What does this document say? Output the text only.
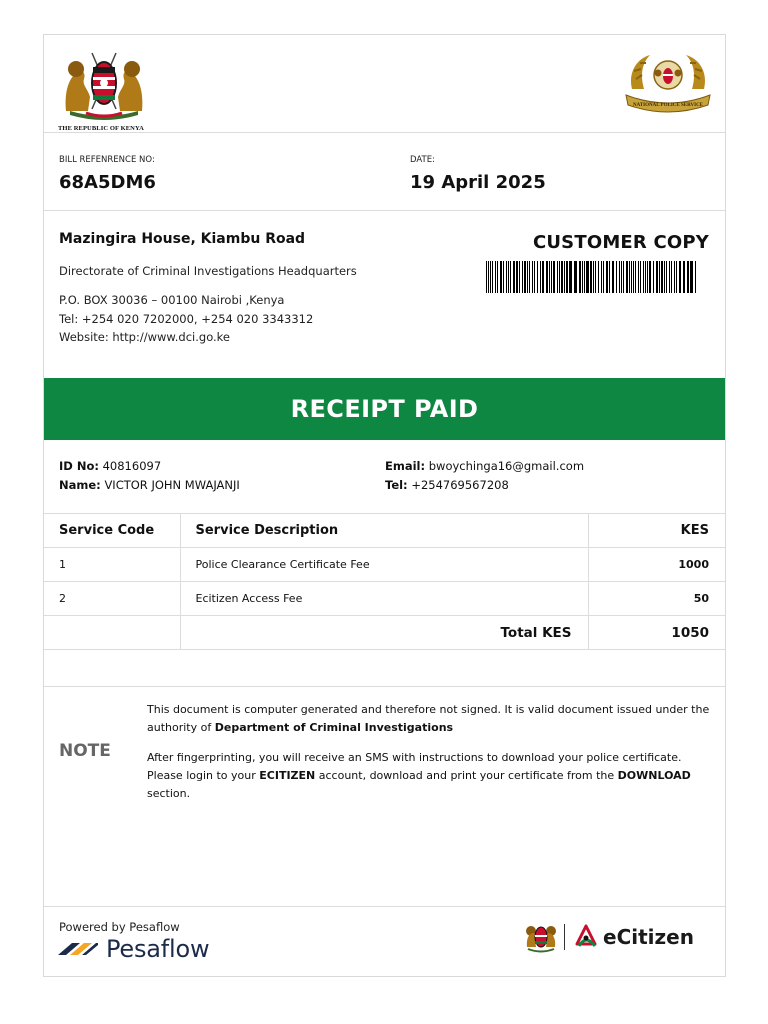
THE REPUBLIC OF KENYA
NATIONAL POLICE SERVICE
BILL REFENRENCE NO:
68A5DM6
DATE:
19 April 2025
Mazingira House, Kiambu Road
Directorate of Criminal Investigations Headquarters
P.O. BOX 30036 – 00100 Nairobi ,Kenya
Tel: +254 020 7202000, +254 020 3343312
Website: http://www.dci.go.ke
CUSTOMER COPY
RECEIPT PAID
ID No: 40816097
Name: VICTOR JOHN MWAJANJI
Email: bwoychinga16@gmail.com
Tel: +254769567208
Service Code	Service Description	KES
1	Police Clearance Certificate Fee	1000
2	Ecitizen Access Fee	50
	Total KES	1050
NOTE
This document is computer generated and therefore not signed. It is valid document issued under the authority of Department of Criminal Investigations
After fingerprinting, you will receive an SMS with instructions to download your police certificate. Please login to your ECITIZEN account, download and print your certificate from the DOWNLOAD section.
Powered by Pesaflow
Pesaflow	eCitizen
